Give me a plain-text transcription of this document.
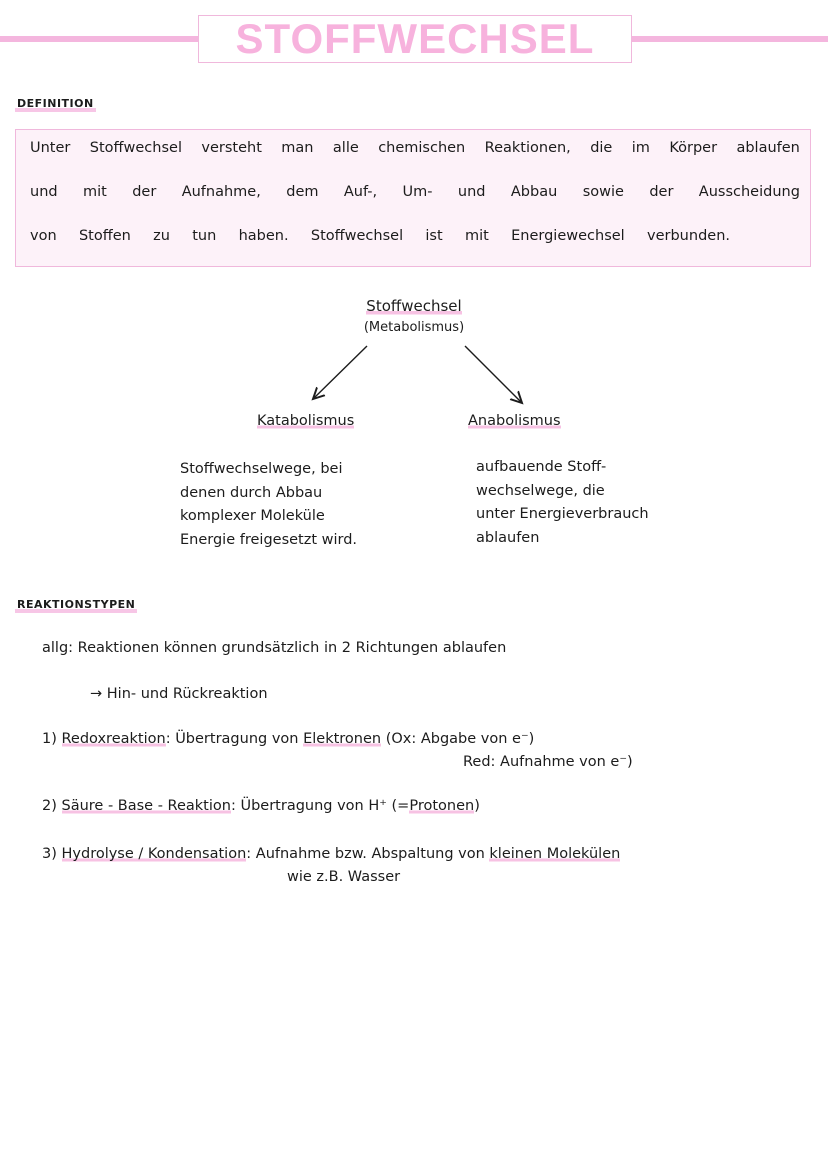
STOFFWECHSEL
DEFINITION
Unter Stoffwechsel versteht man alle chemischen Reaktionen, die im Körper ablaufen
und mit der Aufnahme, dem Auf-, Um- und Abbau sowie der Ausscheidung
von Stoffen zu tun haben. Stoffwechsel ist mit Energiewechsel verbunden.
Stoffwechsel
(Metabolismus)
Katabolismus	Anabolismus
Stoffwechselwege, bei
denen durch Abbau
komplexer Moleküle
Energie freigesetzt wird.
aufbauende Stoff-
wechselwege, die
unter Energieverbrauch
ablaufen
REAKTIONSTYPEN
allg: Reaktionen können grundsätzlich in 2 Richtungen ablaufen
→ Hin- und Rückreaktion
1) Redoxreaktion: Übertragung von Elektronen (Ox: Abgabe von e⁻)
Red: Aufnahme von e⁻)
2) Säure - Base - Reaktion: Übertragung von H⁺ (=Protonen)
3) Hydrolyse / Kondensation: Aufnahme bzw. Abspaltung von kleinen Molekülen
wie z.B. Wasser
